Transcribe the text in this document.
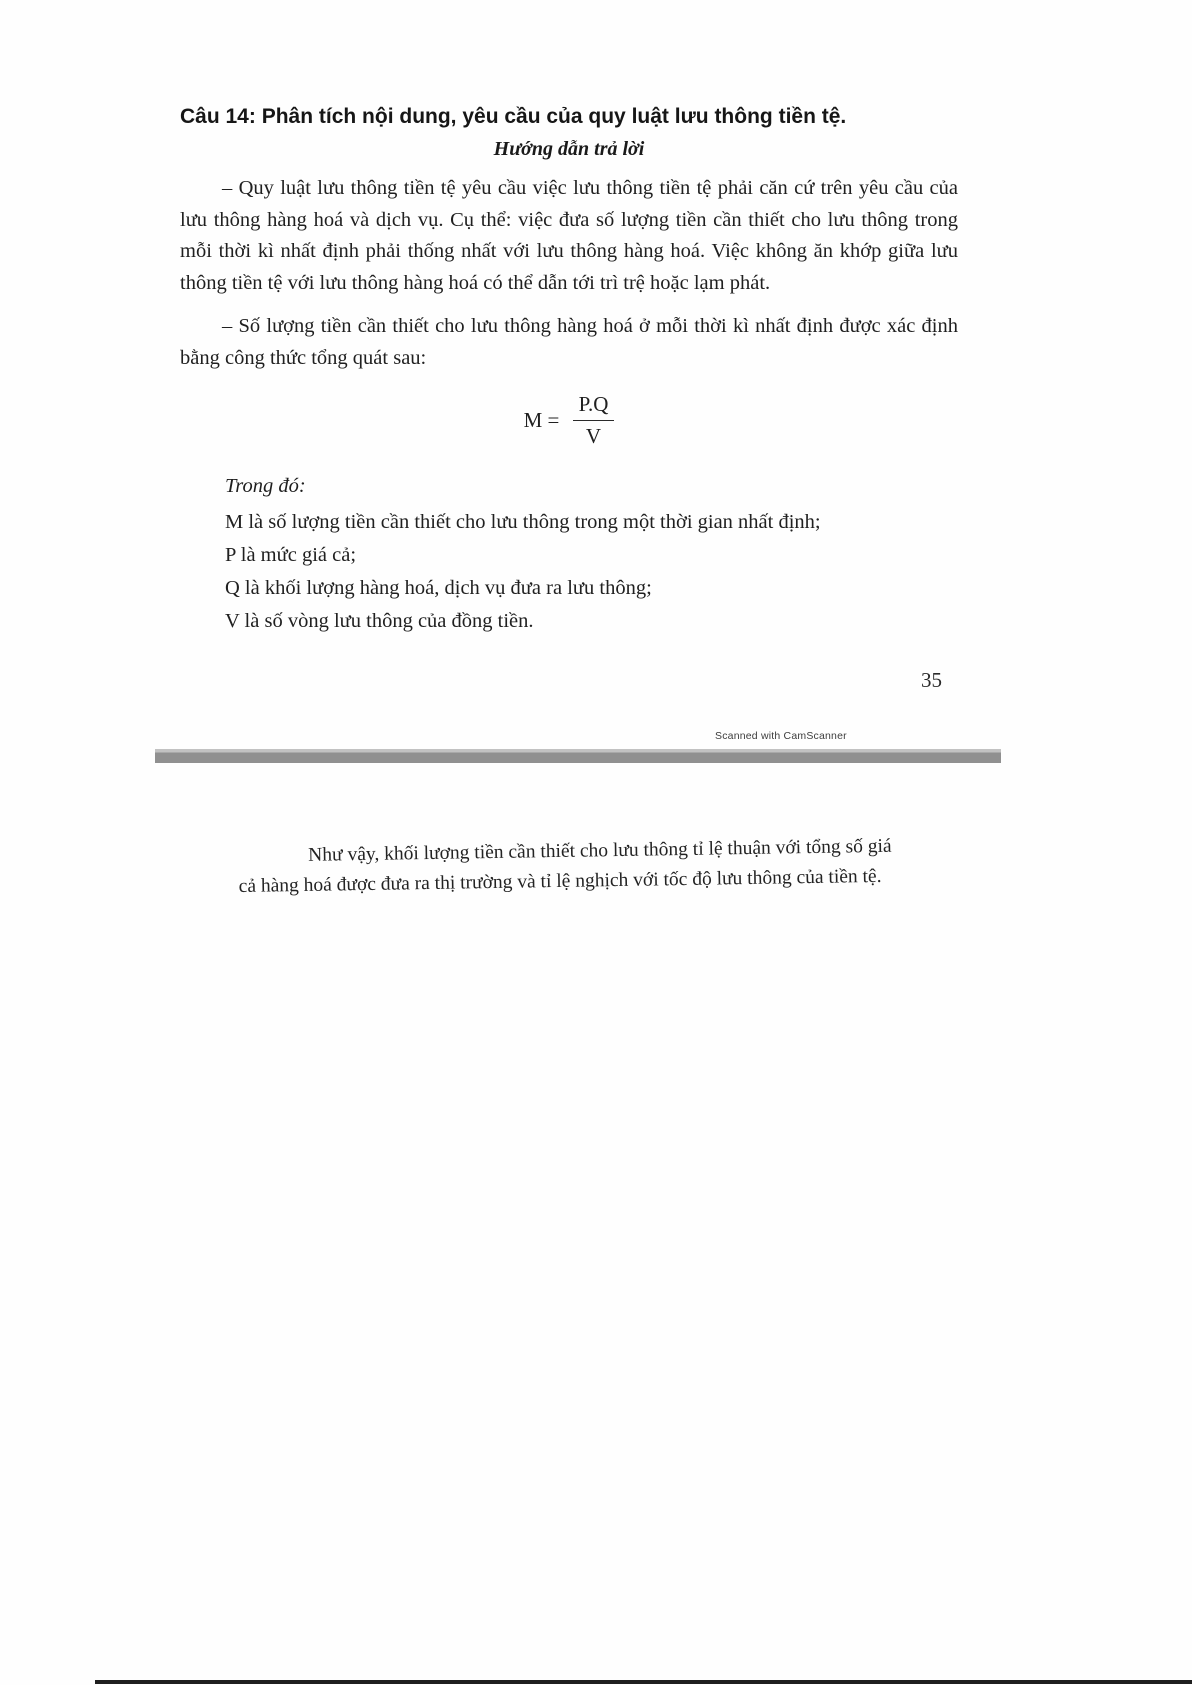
Câu 14: Phân tích nội dung, yêu cầu của quy luật lưu thông tiền tệ.
Hướng dẫn trả lời
– Quy luật lưu thông tiền tệ yêu cầu việc lưu thông tiền tệ phải căn cứ trên yêu cầu của lưu thông hàng hoá và dịch vụ. Cụ thể: việc đưa số lượng tiền cần thiết cho lưu thông trong mỗi thời kì nhất định phải thống nhất với lưu thông hàng hoá. Việc không ăn khớp giữa lưu thông tiền tệ với lưu thông hàng hoá có thể dẫn tới trì trệ hoặc lạm phát.
– Số lượng tiền cần thiết cho lưu thông hàng hoá ở mỗi thời kì nhất định được xác định bằng công thức tổng quát sau:
$M = \frac{P.Q}{V}$
Trong đó:
M là số lượng tiền cần thiết cho lưu thông trong một thời gian nhất định;
P là mức giá cả;
Q là khối lượng hàng hoá, dịch vụ đưa ra lưu thông;
V là số vòng lưu thông của đồng tiền.
35
Scanned with CamScanner
Như vậy, khối lượng tiền cần thiết cho lưu thông tỉ lệ thuận với tổng số giá
cả hàng hoá được đưa ra thị trường và tỉ lệ nghịch với tốc độ lưu thông của tiền tệ.
